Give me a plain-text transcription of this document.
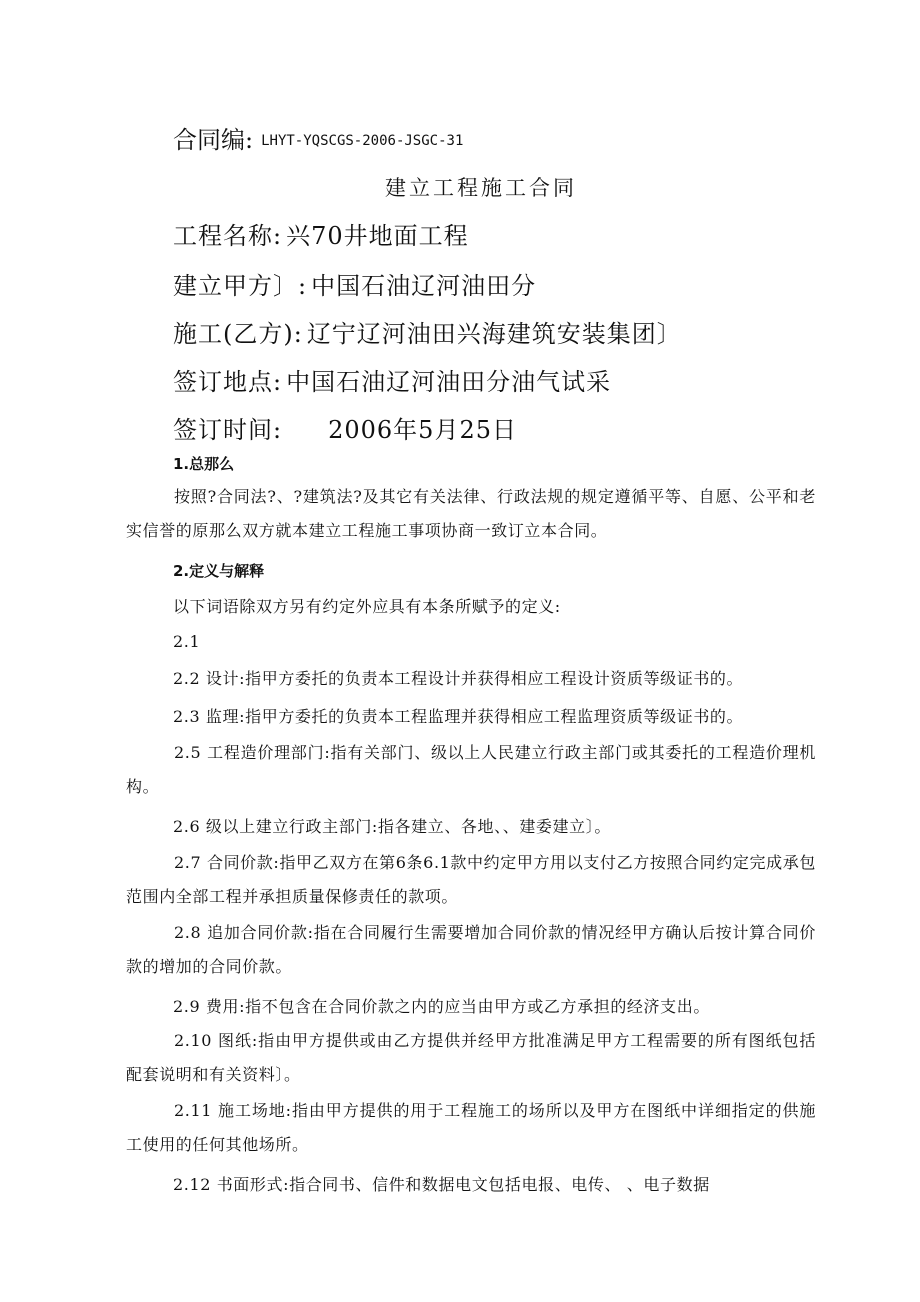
合同编: LHYT-YQSCGS-2006-JSGC-31
建立工程施工合同
工程名称: 兴70井地面工程
建立甲方〕: 中国石油辽河油田分
施工(乙方): 辽宁辽河油田兴海建筑安装集团〕
签订地点: 中国石油辽河油田分油气试采
签订时间: 2006年5月25日
1.总那么

按照?合同法?、?建筑法?及其它有关法律、行政法规的规定遵循平等、自愿、公平和老实信誉的原那么双方就本建立工程施工事项协商一致订立本合同。

2.定义与解释
以下词语除双方另有约定外应具有本条所赋予的定义:
2.1
2.2 设计:指甲方委托的负责本工程设计并获得相应工程设计资质等级证书的。
2.3 监理:指甲方委托的负责本工程监理并获得相应工程监理资质等级证书的。

2.5 工程造价理部门:指有关部门、级以上人民建立行政主部门或其委托的工程造价理机构。

2.6 级以上建立行政主部门:指各建立、各地、、建委建立〕。

2.7 合同价款:指甲乙双方在第6条6.1款中约定甲方用以支付乙方按照合同约定完成承包范围内全部工程并承担质量保修责任的款项。

2.8 追加合同价款:指在合同履行生需要增加合同价款的情况经甲方确认后按计算合同价款的增加的合同价款。

2.9 费用:指不包含在合同价款之内的应当由甲方或乙方承担的经济支出。

2.10 图纸:指由甲方提供或由乙方提供并经甲方批准满足甲方工程需要的所有图纸包括配套说明和有关资料〕。

2.11 施工场地:指由甲方提供的用于工程施工的场所以及甲方在图纸中详细指定的供施工使用的任何其他场所。

2.12 书面形式:指合同书、信件和数据电文包括电报、电传、 、电子数据
